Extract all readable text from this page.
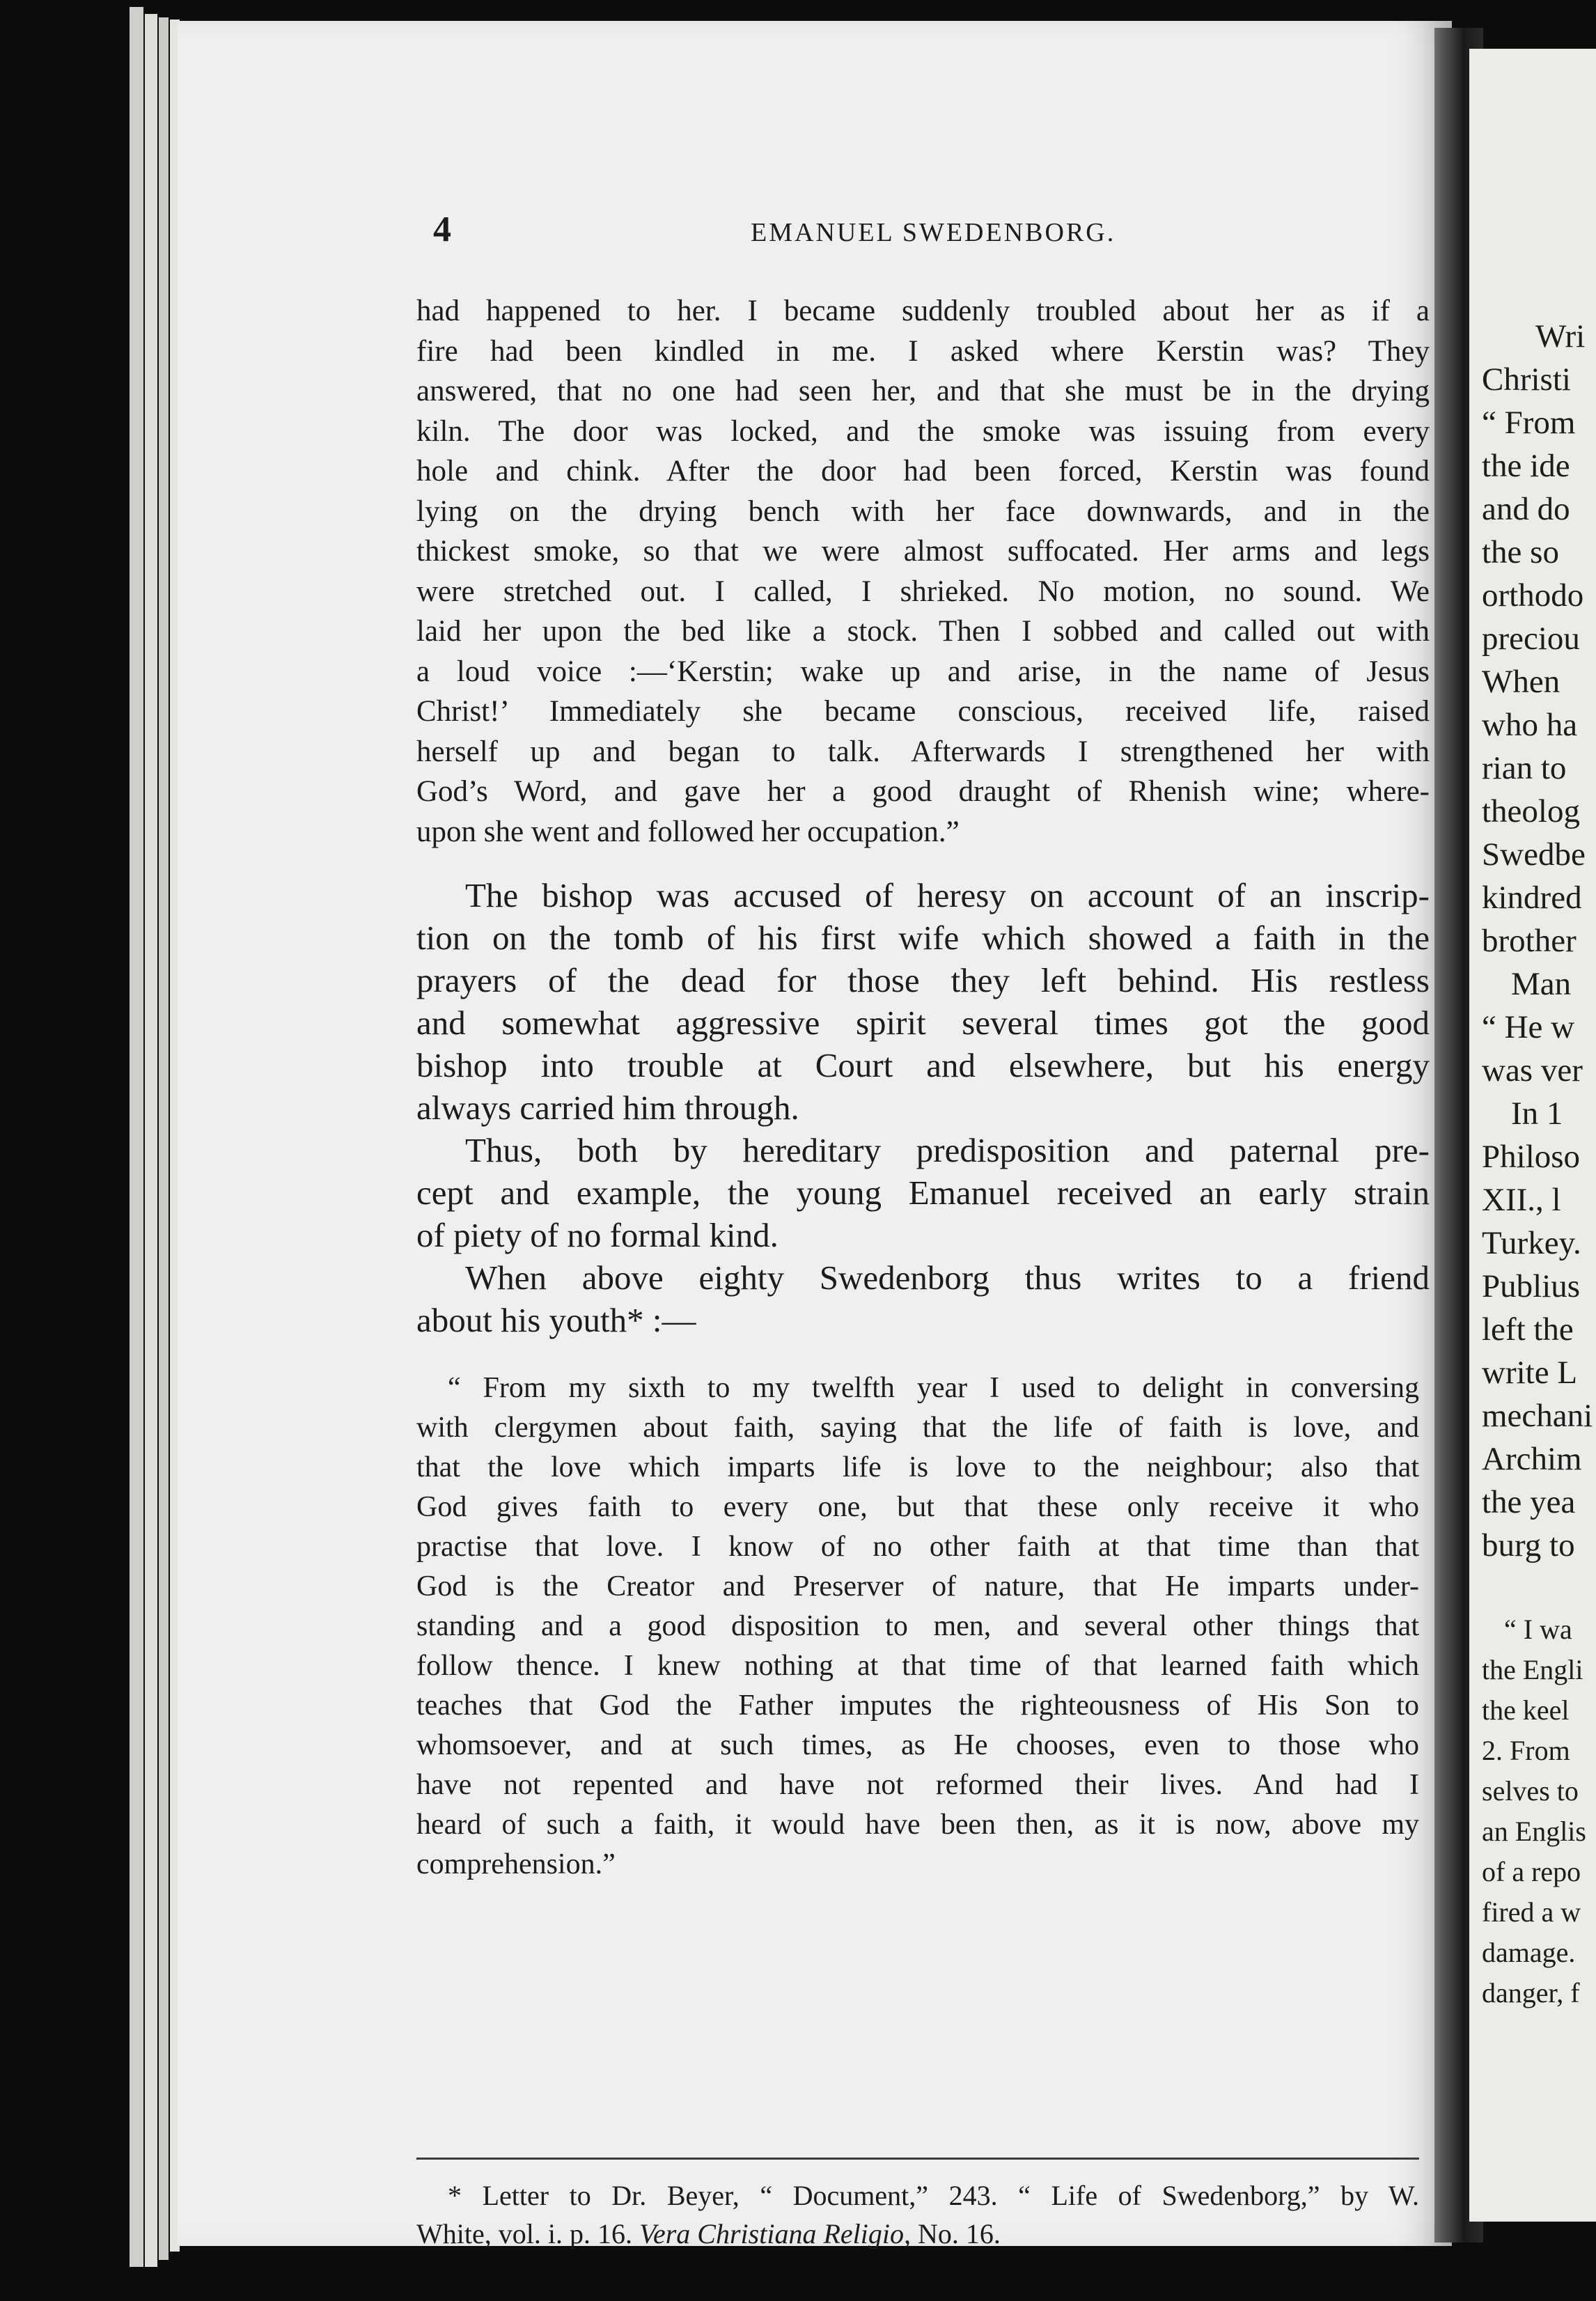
Wri
Christi
“ From
the ide
and do
the so
orthodo
preciou
When
who ha
rian to
theolog
Swedbe
kindred
brother
Man
“ He w
was ver
In 1
Philoso
XII., l
Turkey.
Publius
left the
write L
mechani
Archim
the yea
burg to
“ I wa
the Engli
the keel
2. From
selves to
an Englis
of a repo
fired a w
damage.
danger, f
4	EMANUEL SWEDENBORG.
had happened to her. I became suddenly troubled about her as if a
fire had been kindled in me. I asked where Kerstin was? They
answered, that no one had seen her, and that she must be in the drying
kiln. The door was locked, and the smoke was issuing from every
hole and chink. After the door had been forced, Kerstin was found
lying on the drying bench with her face downwards, and in the
thickest smoke, so that we were almost suffocated. Her arms and legs
were stretched out. I called, I shrieked. No motion, no sound. We
laid her upon the bed like a stock. Then I sobbed and called out with
a loud voice :—‘Kerstin; wake up and arise, in the name of Jesus
Christ!’ Immediately she became conscious, received life, raised
herself up and began to talk. Afterwards I strengthened her with
God’s Word, and gave her a good draught of Rhenish wine; where-
upon she went and followed her occupation.”
The bishop was accused of heresy on account of an inscrip-
tion on the tomb of his first wife which showed a faith in the
prayers of the dead for those they left behind. His restless
and somewhat aggressive spirit several times got the good
bishop into trouble at Court and elsewhere, but his energy
always carried him through.
Thus, both by hereditary predisposition and paternal pre-
cept and example, the young Emanuel received an early strain
of piety of no formal kind.
When above eighty Swedenborg thus writes to a friend
about his youth* :—
“ From my sixth to my twelfth year I used to delight in conversing
with clergymen about faith, saying that the life of faith is love, and
that the love which imparts life is love to the neighbour; also that
God gives faith to every one, but that these only receive it who
practise that love. I know of no other faith at that time than that
God is the Creator and Preserver of nature, that He imparts under-
standing and a good disposition to men, and several other things that
follow thence. I knew nothing at that time of that learned faith which
teaches that God the Father imputes the righteousness of His Son to
whomsoever, and at such times, as He chooses, even to those who
have not repented and have not reformed their lives. And had I
heard of such a faith, it would have been then, as it is now, above my
comprehension.”
* Letter to Dr. Beyer, “ Document,” 243. “ Life of Swedenborg,” by W.
White, vol. i. p. 16. Vera Christiana Religio, No. 16.
